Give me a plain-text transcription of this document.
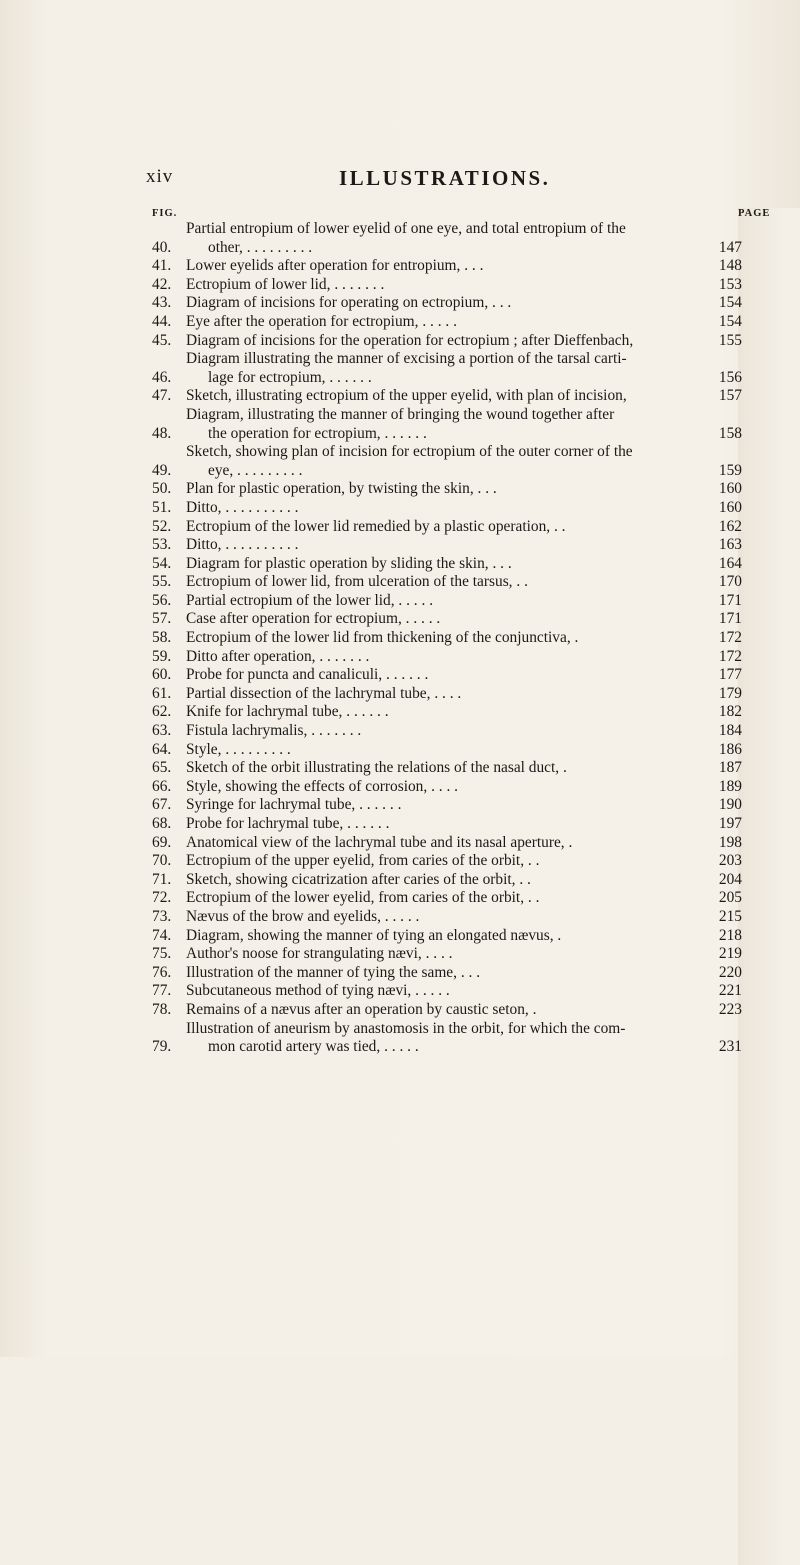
xiv	ILLUSTRATIONS.
FIG.	PAGE
40.
Partial entropium of lower eyelid of one eye, and total entropium of the
other, . . . . . . . . .	147
41. Lower eyelids after operation for entropium, . . .	148
42. Ectropium of lower lid, . . . . . . .	153
43. Diagram of incisions for operating on ectropium, . . .	154
44. Eye after the operation for ectropium, . . . . .	154
45. Diagram of incisions for the operation for ectropium ; after Dieffenbach,	155
46.
Diagram illustrating the manner of excising a portion of the tarsal carti-
lage for ectropium, . . . . . .	156
47. Sketch, illustrating ectropium of the upper eyelid, with plan of incision,	157
48.
Diagram, illustrating the manner of bringing the wound together after
the operation for ectropium, . . . . . .	158
49.
Sketch, showing plan of incision for ectropium of the outer corner of the
eye, . . . . . . . . .	159
50. Plan for plastic operation, by twisting the skin, . . .	160
51. Ditto, . . . . . . . . . .	160
52. Ectropium of the lower lid remedied by a plastic operation, . .	162
53. Ditto, . . . . . . . . . .	163
54. Diagram for plastic operation by sliding the skin, . . .	164
55. Ectropium of lower lid, from ulceration of the tarsus, . .	170
56. Partial ectropium of the lower lid, . . . . .	171
57. Case after operation for ectropium, . . . . .	171
58. Ectropium of the lower lid from thickening of the conjunctiva, .	172
59. Ditto after operation, . . . . . . .	172
60. Probe for puncta and canaliculi, . . . . . .	177
61. Partial dissection of the lachrymal tube, . . . .	179
62. Knife for lachrymal tube, . . . . . .	182
63. Fistula lachrymalis, . . . . . . .	184
64. Style, . . . . . . . . .	186
65. Sketch of the orbit illustrating the relations of the nasal duct, .	187
66. Style, showing the effects of corrosion, . . . .	189
67. Syringe for lachrymal tube, . . . . . .	190
68. Probe for lachrymal tube, . . . . . .	197
69. Anatomical view of the lachrymal tube and its nasal aperture, .	198
70. Ectropium of the upper eyelid, from caries of the orbit, . .	203
71. Sketch, showing cicatrization after caries of the orbit, . .	204
72. Ectropium of the lower eyelid, from caries of the orbit, . .	205
73. Nævus of the brow and eyelids, . . . . .	215
74. Diagram, showing the manner of tying an elongated nævus, .	218
75. Author's noose for strangulating nævi, . . . .	219
76. Illustration of the manner of tying the same, . . .	220
77. Subcutaneous method of tying nævi, . . . . .	221
78. Remains of a nævus after an operation by caustic seton, .	223
79.
Illustration of aneurism by anastomosis in the orbit, for which the com-
mon carotid artery was tied, . . . . .	231
